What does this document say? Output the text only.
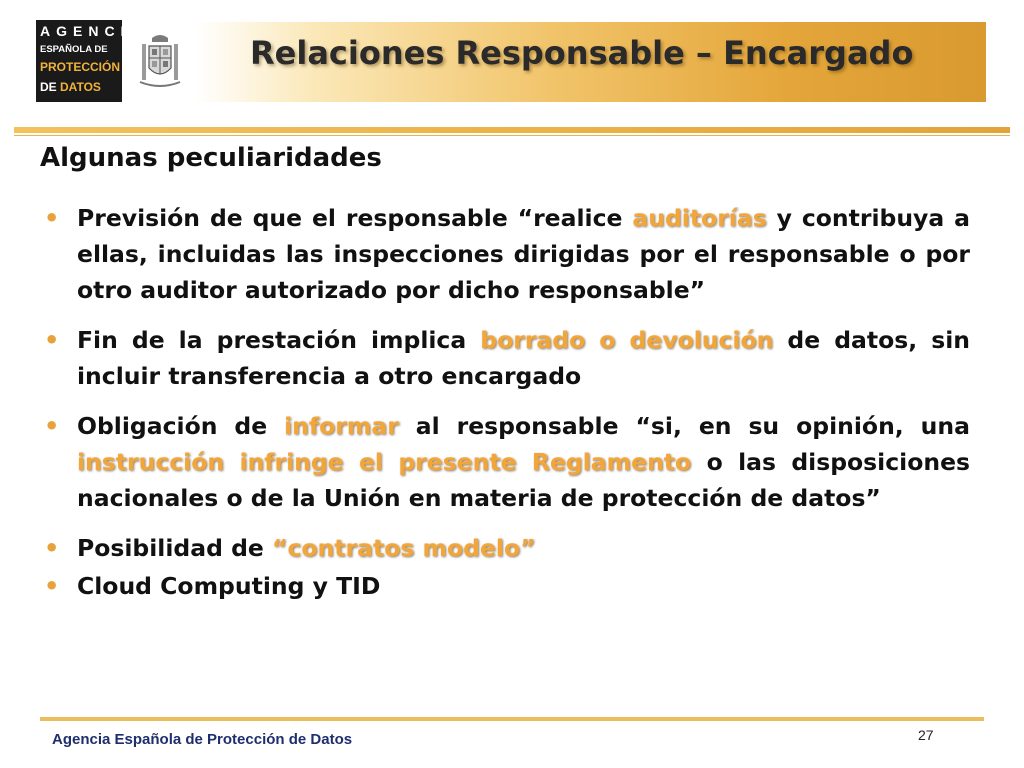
AGENCIA
ESPAÑOLA DE
PROTECCIÓN
DE DATOS
Relaciones Responsable – Encargado
Algunas peculiaridades
• Previsión de que el responsable “realice auditorías y contribuya a ellas, incluidas las inspecciones dirigidas por el responsable o por otro auditor autorizado por dicho responsable”
• Fin de la prestación implica borrado o devolución de datos, sin incluir transferencia a otro encargado
• Obligación de informar al responsable “si, en su opinión, una instrucción infringe el presente Reglamento o las disposiciones nacionales o de la Unión en materia de protección de datos”
• Posibilidad de “contratos modelo”
• Cloud Computing y TID
27
Agencia Española de Protección de Datos
